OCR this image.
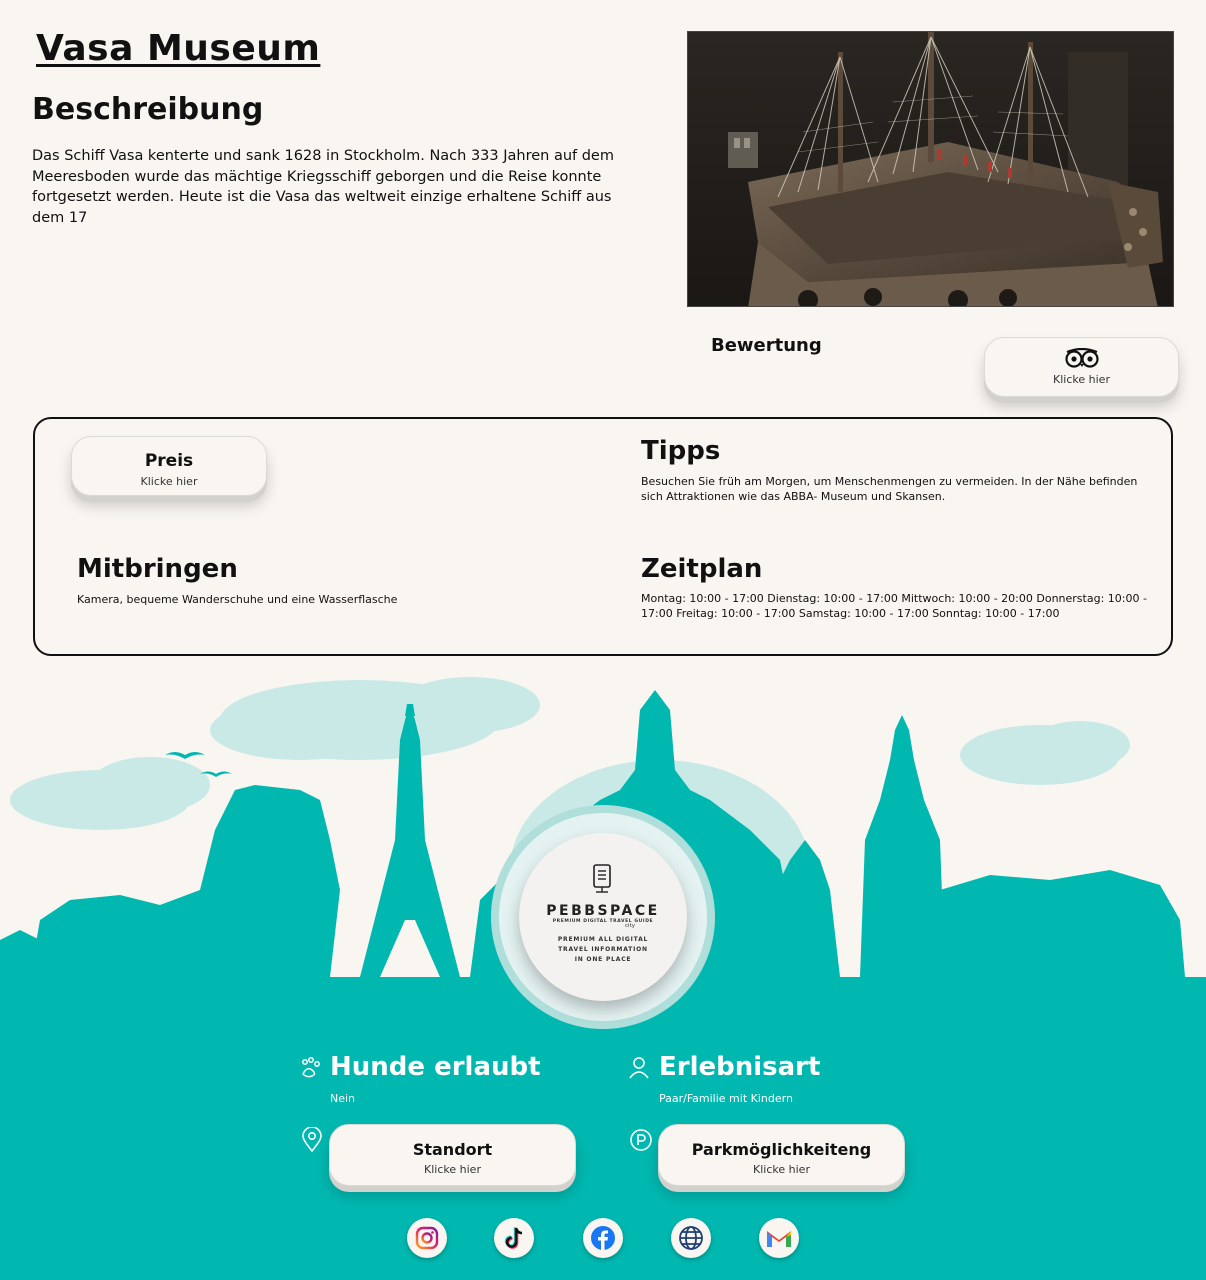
Vasa Museum
Beschreibung

Das Schiff Vasa kenterte und sank 1628 in Stockholm. Nach 333 Jahren auf dem Meeresboden wurde das mächtige Kriegsschiff geborgen und die Reise konnte fortgesetzt werden. Heute ist die Vasa das weltweit einzige erhaltene Schiff aus dem 17

Bewertung
Klicke hier
Preis
Klicke hier
Tipps

Besuchen Sie früh am Morgen, um Menschenmengen zu vermeiden. In der Nähe befinden sich Attraktionen wie das ABBA- Museum und Skansen.

Mitbringen

Kamera, bequeme Wanderschuhe und eine Wasserflasche

Zeitplan

Montag: 10:00 - 17:00 Dienstag: 10:00 - 17:00 Mittwoch: 10:00 - 20:00 Donnerstag: 10:00 - 17:00 Freitag: 10:00 - 17:00 Samstag: 10:00 - 17:00 Sonntag: 10:00 - 17:00

PEBBSPACE
PREMIUM DIGITAL TRAVEL GUIDE
city
PREMIUM ALL DIGITAL TRAVEL INFORMATION IN ONE PLACE
Hunde erlaubt
Nein
Erlebnisart
Paar/Familie mit Kindern
Standort
Klicke hier
Parkmöglichkeiteng
Klicke hier
